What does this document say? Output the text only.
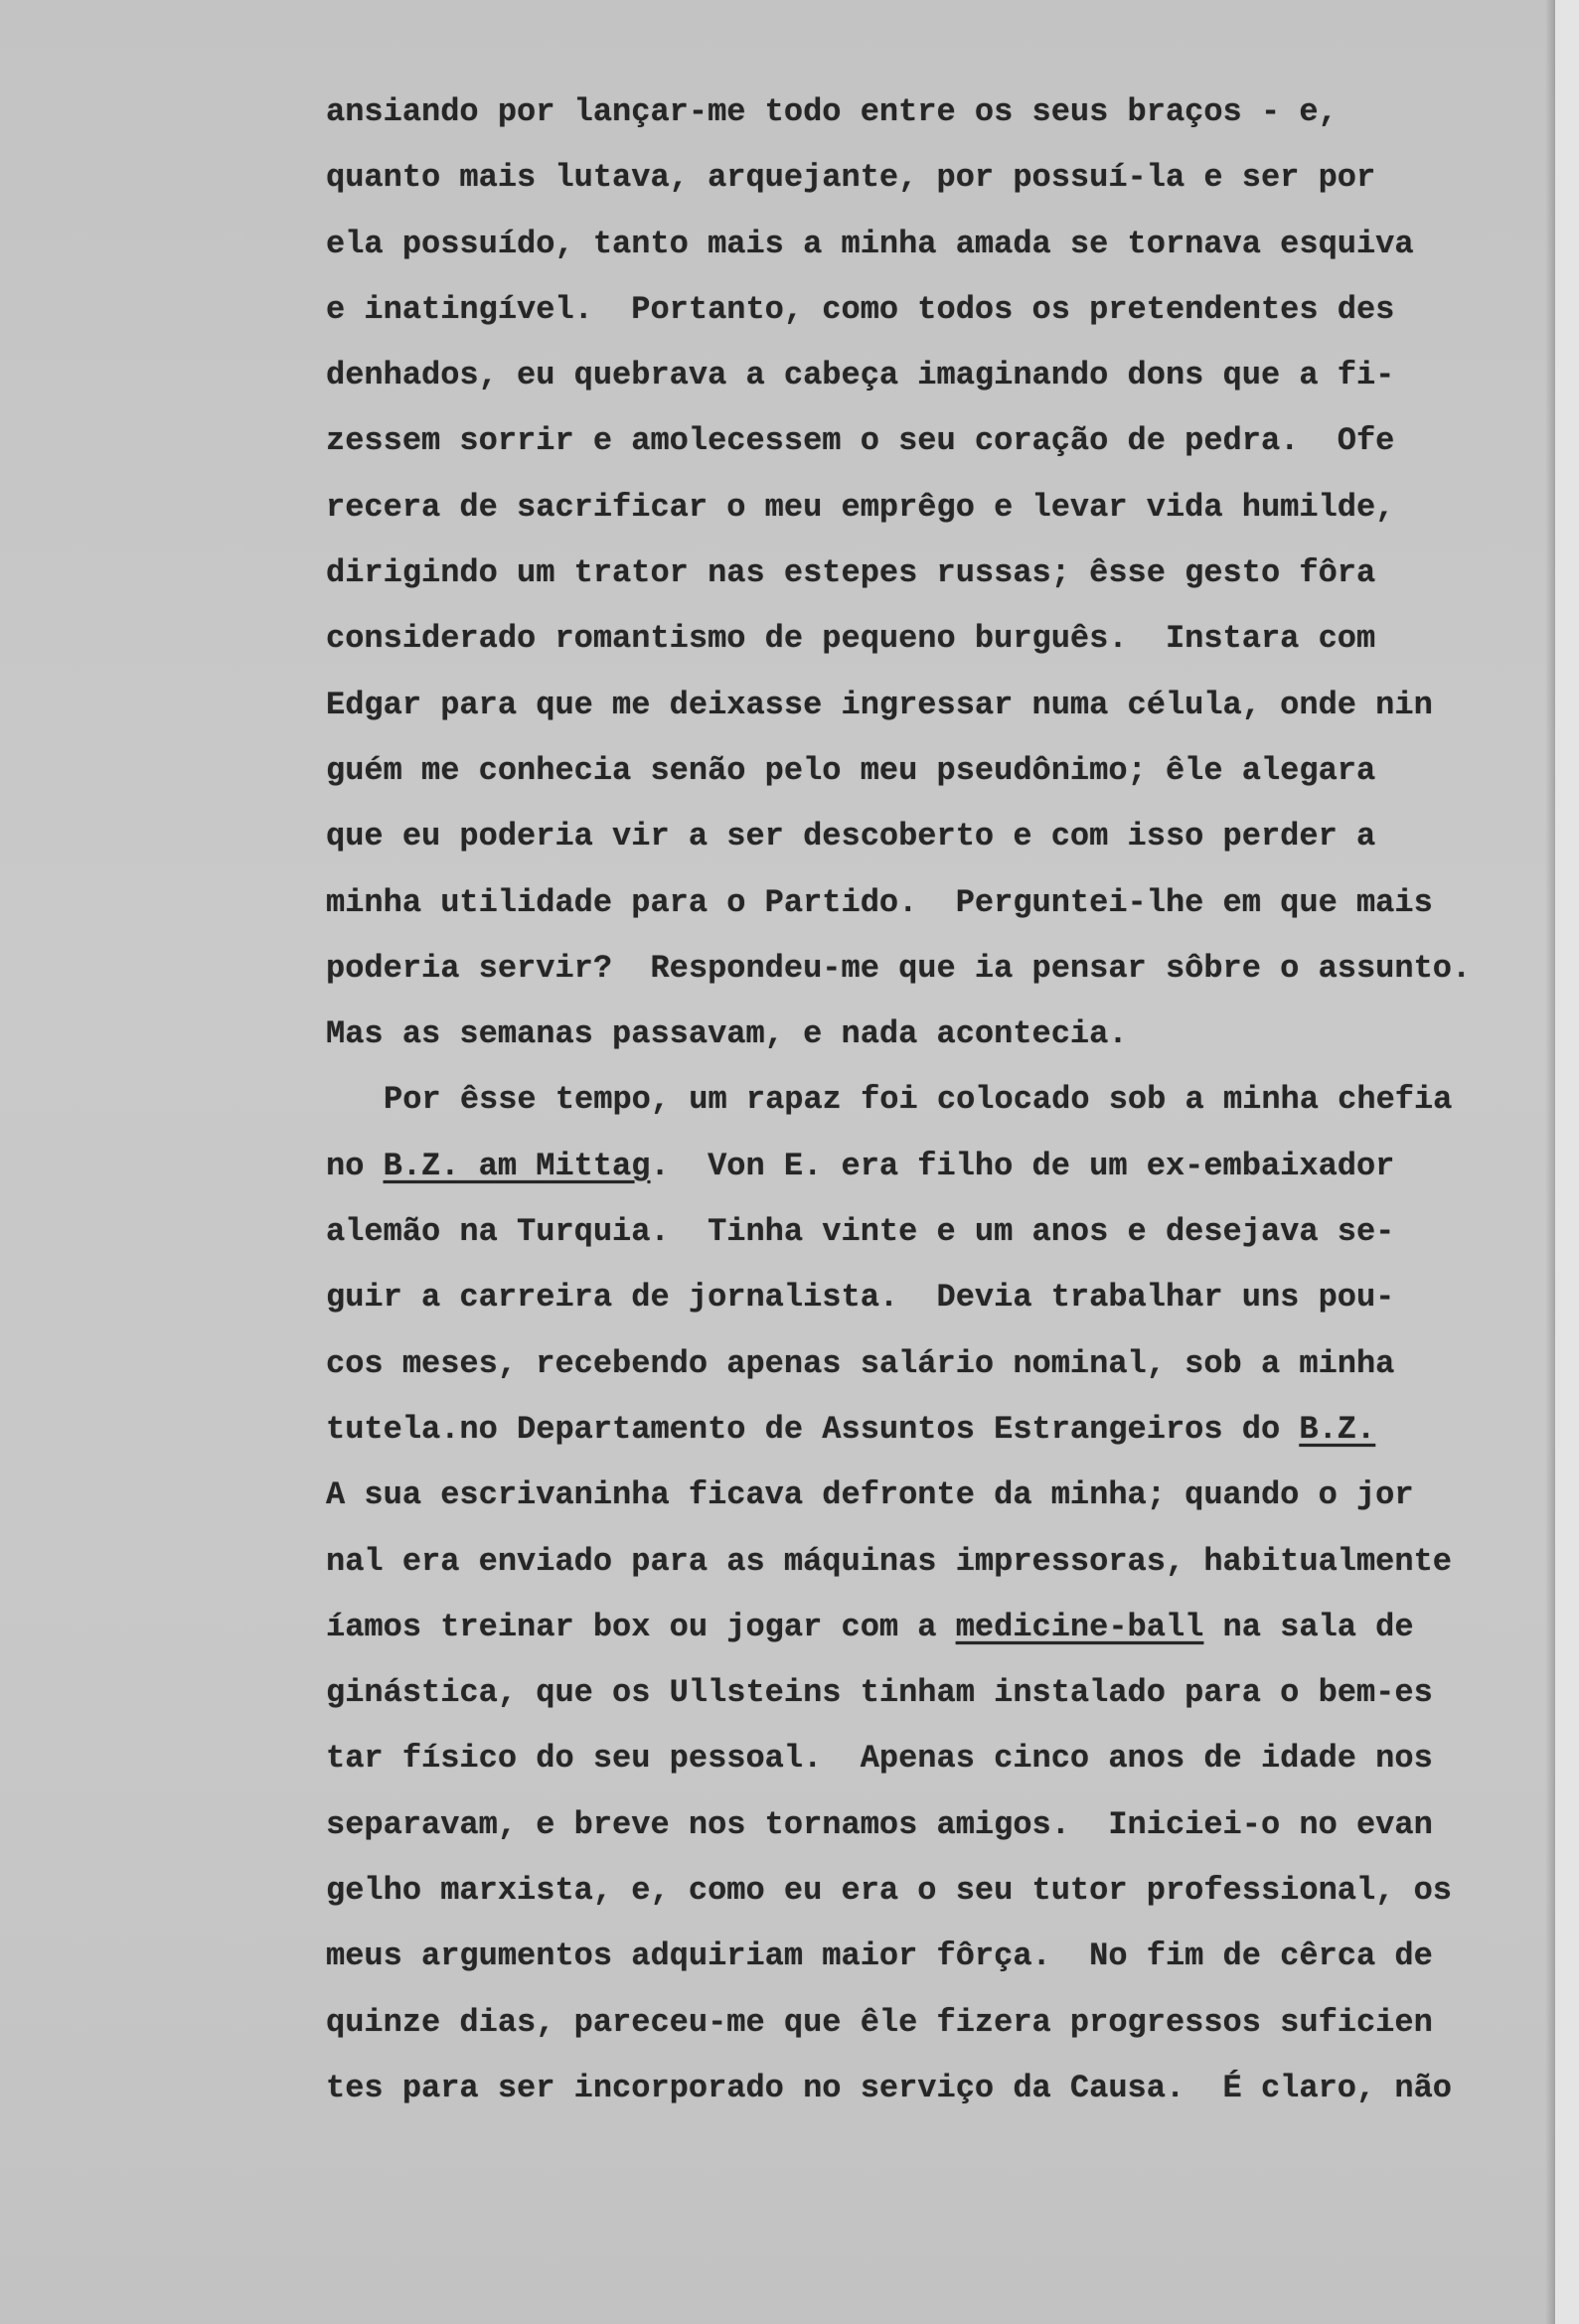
ansiando por lançar-me todo entre os seus braços - e,
quanto mais lutava, arquejante, por possuí-la e ser por
ela possuído, tanto mais a minha amada se tornava esquiva
e inatingível.  Portanto, como todos os pretendentes des
denhados, eu quebrava a cabeça imaginando dons que a fi-
zessem sorrir e amolecessem o seu coração de pedra.  Ofe
recera de sacrificar o meu emprêgo e levar vida humilde,
dirigindo um trator nas estepes russas; êsse gesto fôra
considerado romantismo de pequeno burguês.  Instara com
Edgar para que me deixasse ingressar numa célula, onde nin
guém me conhecia senão pelo meu pseudônimo; êle alegara
que eu poderia vir a ser descoberto e com isso perder a
minha utilidade para o Partido.  Perguntei-lhe em que mais
poderia servir?  Respondeu-me que ia pensar sôbre o assunto.
Mas as semanas passavam, e nada acontecia.
Por êsse tempo, um rapaz foi colocado sob a minha chefia
no B.Z. am Mittag.  Von E. era filho de um ex-embaixador
alemão na Turquia.  Tinha vinte e um anos e desejava se-
guir a carreira de jornalista.  Devia trabalhar uns pou-
cos meses, recebendo apenas salário nominal, sob a minha
tutela.no Departamento de Assuntos Estrangeiros do B.Z.
A sua escrivaninha ficava defronte da minha; quando o jor
nal era enviado para as máquinas impressoras, habitualmente
íamos treinar box ou jogar com a medicine-ball na sala de
ginástica, que os Ullsteins tinham instalado para o bem-es
tar físico do seu pessoal.  Apenas cinco anos de idade nos
separavam, e breve nos tornamos amigos.  Iniciei-o no evan
gelho marxista, e, como eu era o seu tutor professional, os
meus argumentos adquiriam maior fôrça.  No fim de cêrca de
quinze dias, pareceu-me que êle fizera progressos suficien
tes para ser incorporado no serviço da Causa.  É claro, não
